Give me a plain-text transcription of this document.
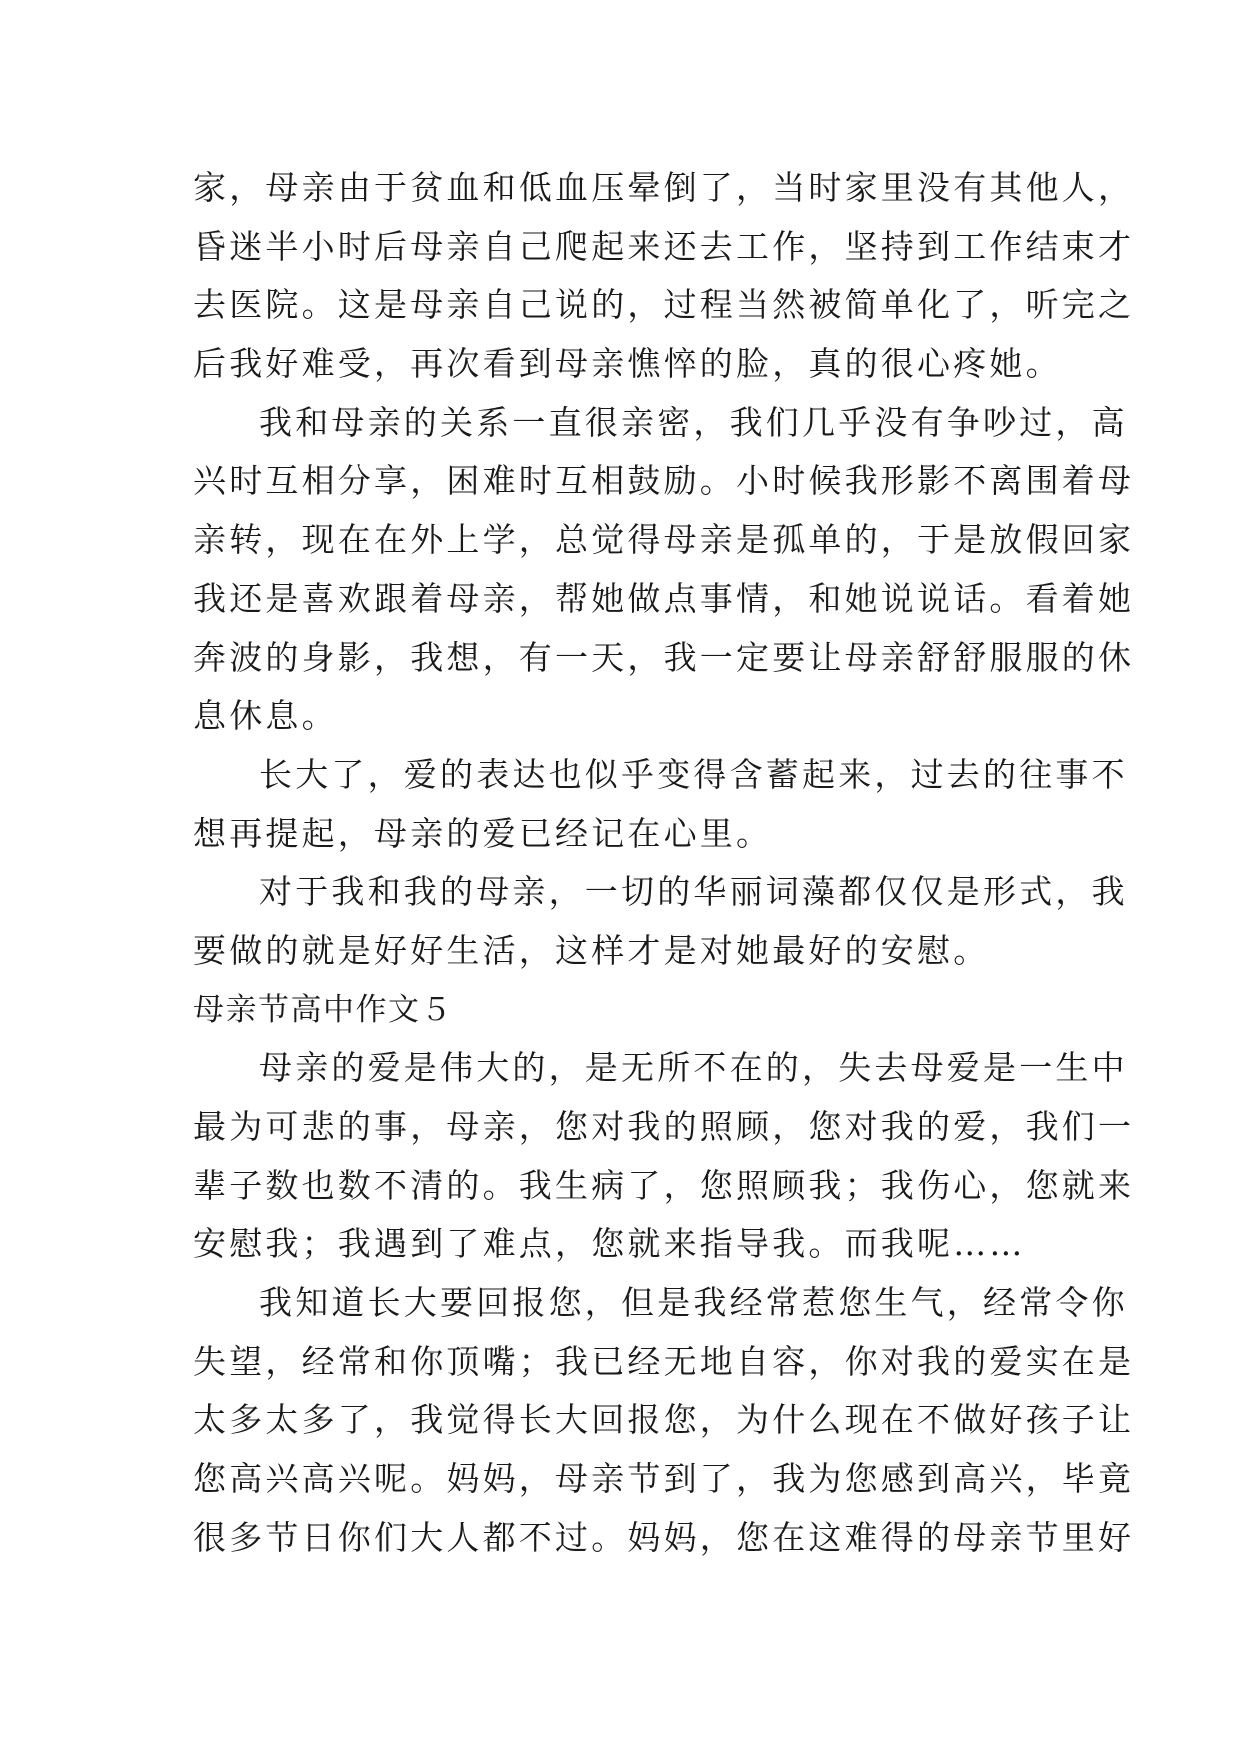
家，母亲由于贫血和低血压晕倒了，当时家里没有其他人，
昏迷半小时后母亲自己爬起来还去工作，坚持到工作结束才
去医院。这是母亲自己说的，过程当然被简单化了，听完之
后我好难受，再次看到母亲憔悴的脸，真的很心疼她。
我和母亲的关系一直很亲密，我们几乎没有争吵过，高
兴时互相分享，困难时互相鼓励。小时候我形影不离围着母
亲转，现在在外上学，总觉得母亲是孤单的，于是放假回家
我还是喜欢跟着母亲，帮她做点事情，和她说说话。看着她
奔波的身影，我想，有一天，我一定要让母亲舒舒服服的休
息休息。
长大了，爱的表达也似乎变得含蓄起来，过去的往事不
想再提起，母亲的爱已经记在心里。
对于我和我的母亲，一切的华丽词藻都仅仅是形式，我
要做的就是好好生活，这样才是对她最好的安慰。
母亲节高中作文５
母亲的爱是伟大的，是无所不在的，失去母爱是一生中
最为可悲的事，母亲，您对我的照顾，您对我的爱，我们一
辈子数也数不清的。我生病了，您照顾我；我伤心，您就来
安慰我；我遇到了难点，您就来指导我。而我呢……
我知道长大要回报您，但是我经常惹您生气，经常令你
失望，经常和你顶嘴；我已经无地自容，你对我的爱实在是
太多太多了，我觉得长大回报您，为什么现在不做好孩子让
您高兴高兴呢。妈妈，母亲节到了，我为您感到高兴，毕竟
很多节日你们大人都不过。妈妈，您在这难得的母亲节里好
